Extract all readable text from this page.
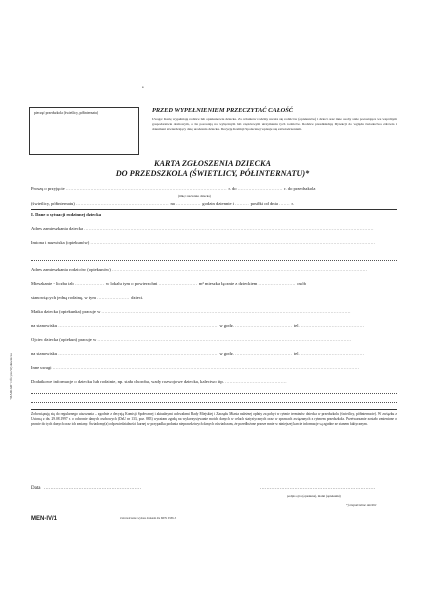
•
pieczęć przedszkola (świetlicy, półinternatu)	PRZED WYPEŁNIENIEM PRZECZYTAĆ CAŁOŚĆ
Uwaga: Kartę wypełniają rodzice lub opiekunowie dziecka. Za członków rodziny uważa się rodziców (opiekunów) i dzieci oraz inne osoby stale pozostające we wspólnym gospodarstwie domowym, o ile pozostają na wyłącznym lub częściowym utrzymaniu tych rodziców. Rodzice przedkładają Dyrekcji do wglądu świadectwa zdrowia i dokument stwierdzający datę urodzenia dziecka. Decyzję Komisji Społecznej wpisuje się zaświadczeniem.
KARTA ZGŁOSZENIA DZIECKA
DO PRZEDSZKOLA (ŚWIETLICY, PÓŁINTERNATU)*
Proszę o przyjęcie ........................................................................................................ r. do ............................. r. do przedszkola
(imię i nazwisko dziecka)
(świetlicy, półinternatu) ............................................................ na ................ godzin dziennie i ......... posiłki od dnia ....... r.
I. Dane o sytuacji rodzinnej dziecka
Adres zamieszkania dziecka ...........................................................................................................................................................................................
Imiona i nazwiska (opiekunów) ........................................................................................................................................................................................
Adres zamieszkania rodziców (opiekunów) .....................................................................................................................................................................
Mieszkanie - liczba izb ................... w lokalu tym o powierzchni ......................... m² mieszka łącznie z dzieckiem ........................ osób
stanowiących jedną rodzinę, w tym ..................... dzieci.
Matka dziecka (opiekunka) pracuje w .................................................................................................................................................................
na stanowisku ....................................................................................................... w godz. ..................................... tel. .........................................
Ojciec dziecka (opiekun) pracuje w ....................................................................................................................................................................
na stanowisku ....................................................................................................... w godz. ..................................... tel. .........................................
Inne uwagi ......................................................................................................................................................................................................
Dodatkowe informacje o dziecku lub rodzinie, np. stała choroba, wady rozwojowe dziecka, kalectwo itp. ........................................
Zobowiązuję się do regularnego uiszczania – zgodnie z decyzją Komisji Społecznej i aktualnymi uchwałami Rady Miejskiej i Zarządu Miasta należnej opłaty za pobyt w rytmie terminów dziecka w przedszkolu (świetlicy, półinternacie). W związku z Ustawą z dn. 29.08.1997 r. o ochronie danych osobowych (DzU nr 133, poz. 883) wyrażam zgodę na wykorzystywanie moich danych w celach statystycznych oraz w sprawach związanych z rytmem przedszkola. Przetwarzanie zostało zmienione o prawie do tych danych oraz ich zmiany. Świadomy(a) odpowiedzialności karnej w przypadku podania nieprawdziwych danych oświadczam, że przedłożone przeze mnie w niniejszej karcie informacje są zgodne ze stanem faktycznym.
Data ...........................................................	......................................................................
podpis ojca (opiekuna), matki (opiekunki)
*) niepotrzebne skreślić
MEN-IV/1	Zaświadczenie wydane drukiem dla MEN ZSBr-5
"MAJKAR" Oficyna Wydawnicza
